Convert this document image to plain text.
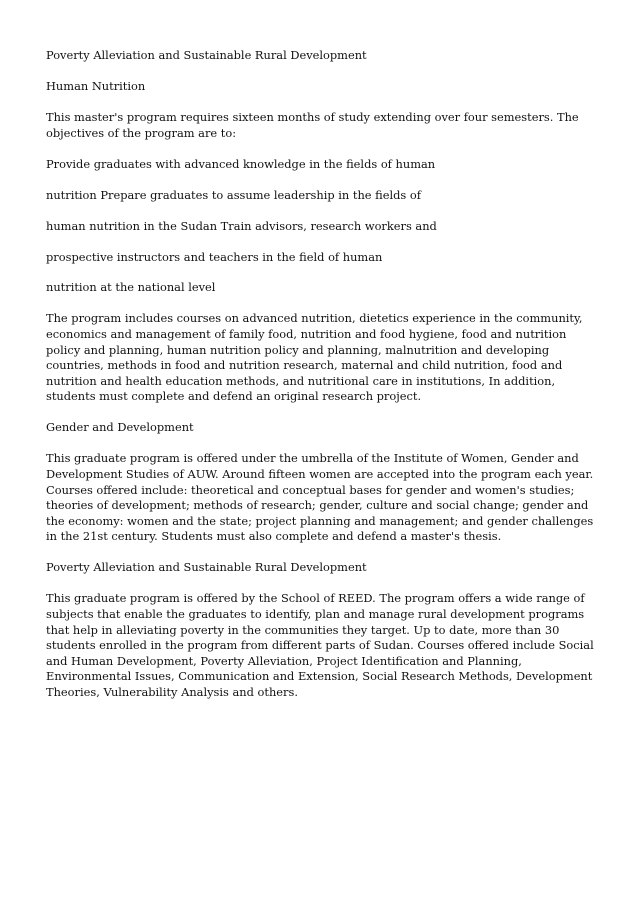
Poverty Alleviation and Sustainable Rural Development

Human Nutrition

This master's program requires sixteen months of study extending over four semesters. The objectives of the program are to:

Provide graduates with advanced knowledge in the fields of human

nutrition Prepare graduates to assume leadership in the fields of

human nutrition in the Sudan Train advisors, research workers and

prospective instructors and teachers in the field of human

nutrition at the national level

The program includes courses on advanced nutrition, dietetics experience in the community, economics and management of family food, nutrition and food hygiene, food and nutrition policy and planning, human nutrition policy and planning, malnutrition and developing countries, methods in food and nutrition research, maternal and child nutrition, food and nutrition and health education methods, and nutritional care in institutions, In addition, students must complete and defend an original research project.

Gender and Development

This graduate program is offered under the umbrella of the Institute of Women, Gender and Development Studies of AUW. Around fifteen women are accepted into the program each year. Courses offered include: theoretical and conceptual bases for gender and women's studies; theories of development; methods of research; gender, culture and social change; gender and the economy: women and the state; project planning and management; and gender challenges in the 21st century. Students must also complete and defend a master's thesis.

Poverty Alleviation and Sustainable Rural Development

This graduate program is offered by the School of REED. The program offers a wide range of subjects that enable the graduates to identify, plan and manage rural development programs that help in alleviating poverty in the communities they target. Up to date, more than 30 students enrolled in the program from different parts of Sudan. Courses offered include Social and Human Development, Poverty Alleviation, Project Identification and Planning, Environmental Issues, Communication and Extension, Social Research Methods, Development Theories, Vulnerability Analysis and others.
